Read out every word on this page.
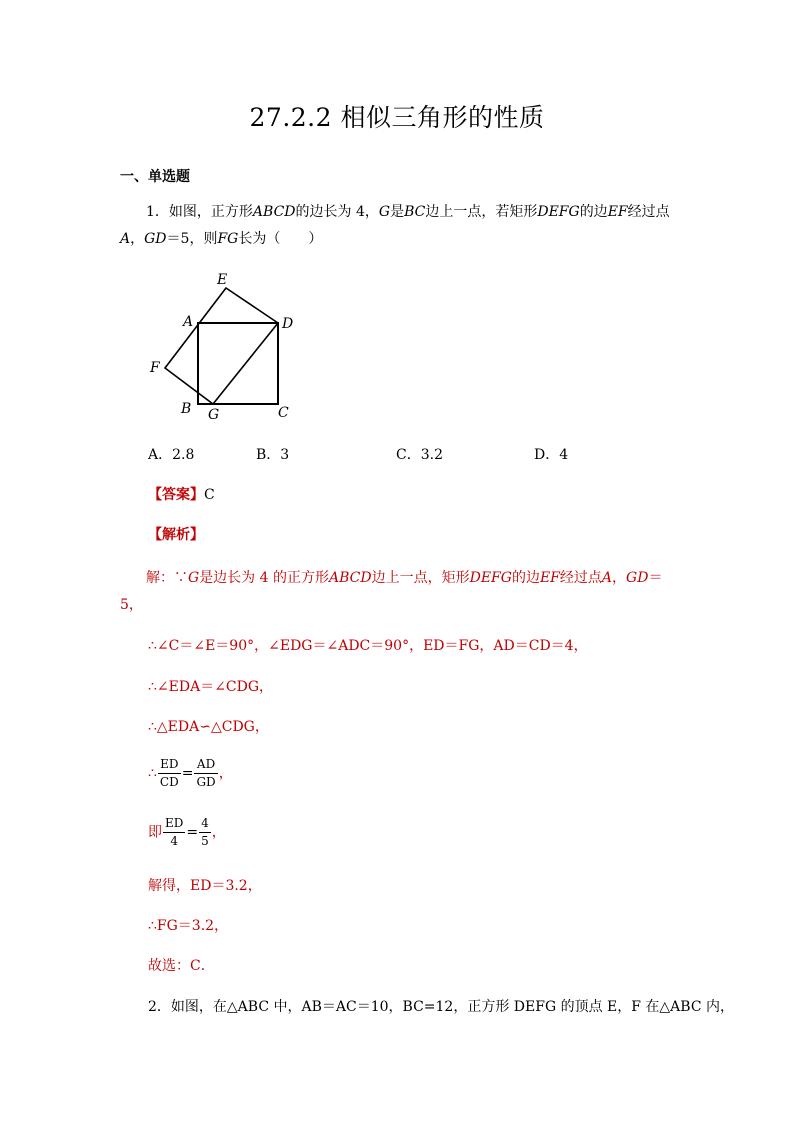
27.2.2 相似三角形的性质
一、单选题
1．如图，正方形ABCD的边长为 4，G是BC边上一点，若矩形DEFG的边EF经过点
A，GD＝5，则FG长为（　　）
E
A	D
F
B G	C
A．2.8	B．3	C．3.2	D．4
【答案】C
【解析】
解：∵G是边长为 4 的正方形ABCD边上一点，矩形DEFG的边EF经过点A，GD＝
5，
∴∠C＝∠E＝90°，∠EDG＝∠ADC＝90°，ED＝FG，AD＝CD＝4，
∴∠EDA＝∠CDG，
∴△EDA∽△CDG，
∴ $\frac{ED}{CD} = \frac{AD}{GD}$ ，
即 $\frac{ED}{4} = \frac{4}{5}$ ，
解得，ED＝3.2，
∴FG＝3.2，
故选：C．
2．如图，在△ABC 中，AB＝AC＝10，BC=12，正方形 DEFG 的顶点 E，F 在△ABC 内，
